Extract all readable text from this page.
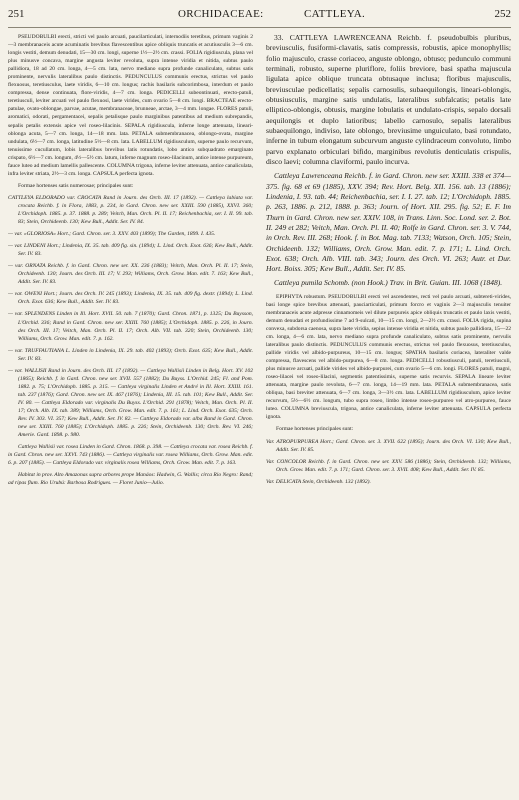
251	ORCHIDACEAE:	CATTLEYA.	252

PSEUDOBULBI erecti, stricti vel paulo arcuati, paucilarticulati, internodiis teretibus, primum vaginis 2—3 membranaceis acute acuminatis brevibus flavescentibus apice obliquis truncatis et acutiusculis 3—6 cm. longis vestiti, demum denudati, 15—30 cm. longi, superne 1½—2½ cm. crassi. FOLIA rigidiuscula, plana vel plus minusve concava, margine angusta leviter revoluta, supra intense viridia et nitida, subtus paulo pallidiora, 18 ad 20 cm. longa, 4—5 cm. lata, nervo mediano supra profunde canaliculato, subtus satis prominente, nervulis lateralibus paulo distinctis. PEDUNCULUS communis erectus, strictus vel paulo flexuosus, teretiusculus, laete viridis, 6—10 cm. longus; rachis basilaris subcorimbosa, interdum et paulo compressa, dense continuata, flore-viridis, 4—7 cm. longa. PEDICELLI subeontinuati, erecto-patuli, teretiusculi, leviter arcuati vel paulo flexuosi, laete virides, cum ovario 5—8 cm. longi. BRACTEAE erecto-patulae, ovato-oblongae, parvae, acutae, membranaceae, brunneae, arctae, 3—4 mm. longae. FLORES patuli, aromatici, odorati, pergamentacei, sepalis petalisque paulo marginibus patentibus ad medium subrepandis, sepalis petalis extensis apice vel roseo-lilacinis. SEPALA rigidiuscula, inferne longe attenuata, lineari-oblonga acuta, 5—7 cm. longa, 14—18 mm. lata. PETALA submembranacea, oblongo-ovata, margine undulata, 6½—7 cm. longa, latitudine 5½—8 cm. lata. LABELLUM rigidiusculum, superne paulo recurvum, tenuissime cucullatum, lobis lateralibus brevibus latis rotundatis, lobo antico subquadrato emarginato crispato, 6½—7 cm. longum, 4½—5½ cm. latum, inferne magnum roseo-lilacinum, antice intense purpureum, fauce luteo ad medium lamellis pallescente. COLUMNA trigona, inferne leviter attenuata, antice canaliculata, infra leviter striata, 2½—3 cm. longa. CAPSULA perfecta ignota.

Formae hortenses satis numerosae; principales sunt:

CATTLEYA ELDORADO var. CROCATA Rand in Journ. des Orch. III. 17 (1892). — Cattleya labiata var. crocata Reichb. f. in Flora, 1883, p. 234, in Gard. Chron. new ser. XXIII. 590 (1885), XXVI. 360; L'Orchidoph. 1885. p. 37. 1888. p. 289; Veitch, Man. Orch. Pl. II. 17; Reichenbachia, ser. I. II. 99. tab. 83; Stein, Orchideenb. 130; Kew Bull., Addit. Ser. IV. 84.

— var. «GLORIOSA» Hort.; Gard. Chron. ser. 3. XXV. 403 (1899); The Garden, 1899. I. 435.

— var. LINDENI Hort.; Lindenia, IX. 35. tab. 409 fig. sin. (1894); L. Lind. Orch. Exot. 636; Kew Bull., Addit. Ser. IV. 83.

— var. ORNATA Reichb. f. in Gard. Chron. new ser. XX. 236 (1883); Veitch, Man. Orch. Pl. II. 17; Stein, Orchideenb. 130; Journ. des Orch. III. 17; V. 293; Williams, Orch. Grow. Man. edit. 7. 163; Kew Bull., Addit. Ser. IV. 83.

— var. OWENI Hort.; Journ. des Orch. IV. 245 (1893); Lindenia, IX. 35. tab. 409 fig. dextr. (1894); L. Lind. Orch. Exot. 636; Kew Bull., Addit. Ser. IV. 83.

— var. SPLENDENS Linden in Ill. Hort. XVII. 50. tab. 7 (1870); Gard. Chron. 1871, p. 1325; Du Buysson, L'Orchid. 336; Rand in Gard. Chron. new ser. XXIII. 760 (1885); L'Orchidoph. 1885. p. 226, in Journ. des Orch. III. 17; Veitch, Man. Orch. Pl. II. 17; Orch. Alb. VII. tab. 320; Stein, Orchideenb. 130; Williams, Orch. Grow. Man. edit. 7. p. 162.

— var. TRUFFAUTIANA L. Linden in Lindenia, IX. 29. tab. 402 (1893); Orch. Exot. 635; Kew Bull., Addit. Ser. IV. 83.

— var. WALLISII Rand in Journ. des Orch. III. 17 (1892). — Cattleya Wallisii Linden in Belg. Hort. XV. 102 (1865); Reichb. f. in Gard. Chron. new ser. XVII. 557 (1882); Du Buyss. L'Orchid. 245; Fl. and Pom. 1882. p. 75; L'Orchidoph. 1885. p. 315. — Cattleya virginalis Linden et André in Ill. Hort. XXIII. 161. tab. 237 (1876); Gard. Chron. new ser. IX. 467 (1876); Lindenia, III. 15. tab. 101; Kew Bull., Addit. Ser. IV. 80. — Cattleya Eldorado var. virginalis Du Buyss. L'Orchid. 291 (1878); Veitch, Man. Orch. Pl. II. 17; Orch. Alb. IX. tab. 389; Williams, Orch. Grow. Man. edit. 7. p. 161; L. Lind. Orch. Exot. 635; Orch. Rev. IV. 303. VI. 357; Kew Bull., Addit. Ser. IV. 82. — Cattleya Eldorado var. alba Rand in Gard. Chron. new ser. XXIII. 760 (1885); L'Orchidoph. 1885. p. 226; Stein, Orchideenb. 130; Orch. Rev. VI. 246; Amerie. Gard. 1898. p. 980.

Cattleya Wallisii var. rosea Linden in Gard. Chron. 1868. p. 398. — Cattleya crocata var. rosea Reichb. f. in Gard. Chron. new ser. XXVI. 743 (1886). — Cattleya virginalis var. rosea Williams, Orch. Grow. Man. edit. 6. p. 207 (1885). — Cattleya Eldorado var. virginalis rosea Williams, Orch. Grow. Man. edit. 7. p. 163.

Habitat in prov. Alto Amazonas supra arbores prope Manáos: Hadwin, G. Wallis; circa Rio Negro: Rand; ad ripas flum. Rio Urubú: Barbosa Rodrigues. — Floret Junio—Julio.

33. CATTLEYA LAWRENCEANA Reichb. f. pseudobulbis pluribus, breviusculis, fusiformi-clavatis, satis compressis, robustis, apice monophyllis; folio majusculo, crasse coriaceo, anguste oblongo, obtuso; pedunculo communi terminali, robusto, superne pluriflore, foliis breviore, basi spatha majuscula ligulata apice oblique truncata obtusaque inclusa; floribus majusculis, breviusculae pedicellatis; sepalis carnosulis, subaequilongis, lineari-oblongis, obtusiusculis, margine satis undulatis, lateralibus subfalcatis; petalis late elliptico-oblongis, obtusis, margine lobulatis et undulato-crispis, sepalo dorsali aequilongis et duplo latioribus; labello carnosulo, sepalis lateralibus subaequilongo, indiviso, late oblongo, breviusime unguiculato, basi rotundato, inferne in tubum elongatum subcurvum anguste cylindraceum convoluto, limbo parvo explanato orbiculari bifido, marginibus revolutis denticulatis crispulis, disco laevi; columna claviformi, paulo incurva.

Cattleya Lawrenceana Reichb. f. in Gard. Chron. new ser. XXIII. 338 et 374—375. fig. 68 et 69 (1885), XXV. 394; Rev. Hort. Belg. XII. 156. tab. 13 (1886); Lindenia, I. 93. tab. 44; Reichenbachia, ser. I. I. 27. tab. 12; L'Orchidoph. 1885. p. 263, 1886. p. 212, 1888. p. 363; Journ. of Hort. XII. 295. fig. 52; E. F. Im Thurn in Gard. Chron. new ser. XXIV. 108, in Trans. Linn. Soc. Lond. ser. 2. Bot. II. 249 et 282; Veitch, Man. Orch. Pl. II. 40; Rolfe in Gard. Chron. ser. 3. V. 744, in Orch. Rev. III. 268; Hook. f. in Bot. Mag. tab. 7133; Watson, Orch. 105; Stein, Orchideenb. 132; Williams, Orch. Grow. Man. edit. 7. p. 171; L. Lind. Orch. Exot. 638; Orch. Alb. VIII. tab. 343; Journ. des Orch. VI. 263; Autr. et Dur. Hort. Boiss. 305; Kew Bull., Addit. Ser. IV. 85.

Cattleya pumila Schomb. (non Hook.) Trav. in Brit. Guian. III. 1068 (1848).

EPIPHYTA robustum. PSEUDOBULBI erecti vel ascendentes, recti vel paulo arcuati, subtereti-virides, basi longe spice brevibus attenuati, pauciarticulati, primum forcro et vaginis 2—3 majusculis tenuiter membranaceis acute adpresse cinnamomeis vel dilute purpureis apice obliquis truncatis et paulo laxis vestiti, demum denudati et profundissime 7 ad 9-sulcati, 10—15 cm. longi, 2—2½ cm. crassi. FOLIA rigida, supina convexa, subdorsa caenosa, supra laete viridia, sepius intense viridia et nitida, subtus paulo pallidiora, 15—22 cm. longa, 4—6 cm. lata, nervo mediano supra profunde canaliculato, subtus satis prominente, nervulis lateralibus paulo distinctis. PEDUNCULUS communis erectus, strictus vel paulo flexuosus, teretiusculus, pallide viridis vel albido-purpureus, 10—15 cm. longus; SPATHA basilaris coriacea, lateraliter valde compressa, flavescens vel albido-purpurea, 6—8 cm. longa. PEDICELLI robustiusculi, patuli, teretiusculi, plus minusve arcuati, pallide virides vel albido-purpurei, cum ovario 5—6 cm. longi. FLORES patuli, magni, roseo-lilacei vel roseo-lilacini, segmentis patentissimis, superne satis recurvis. SEPALA lineare leviter attenuata, margine paulo revoluta, 6—7 cm. longa, 14—19 mm. lata. PETALA submembranacea, satis obliqua, basi breviter attenuata, 6—7 cm. longa, 3—3½ cm. lata. LABELLUM rigidiusculum, apice leviter recurvum, 5½—6½ cm. longum, tubo supra roseo, limbo intense roseo-purpureo vel atro-purpureo, fauce luteo. COLUMNA breviuscula, trigona, antice canaliculata, inferne leviter attenuata. CAPSULA perfecta ignota.

Formae hortenses principales sunt:

Var. ATROPURPUREA Hort.; Gard. Chron. ser. 3. XVII. 622 (1895); Journ. des Orch. VI. 130; Kew Bull., Addit. Ser. IV. 85.

Var. CONCOLOR Reichb. f. in Gard. Chron. new ser. XXV. 586 (1886); Stein, Orchideenb. 132; Williams, Orch. Grow. Man. edit. 7. p. 171; Gard. Chron. ser. 3. XVII. 408; Kew Bull., Addit. Ser. IV. 85.

Var. DELICATA Stein, Orchideenb. 132 (1892).
